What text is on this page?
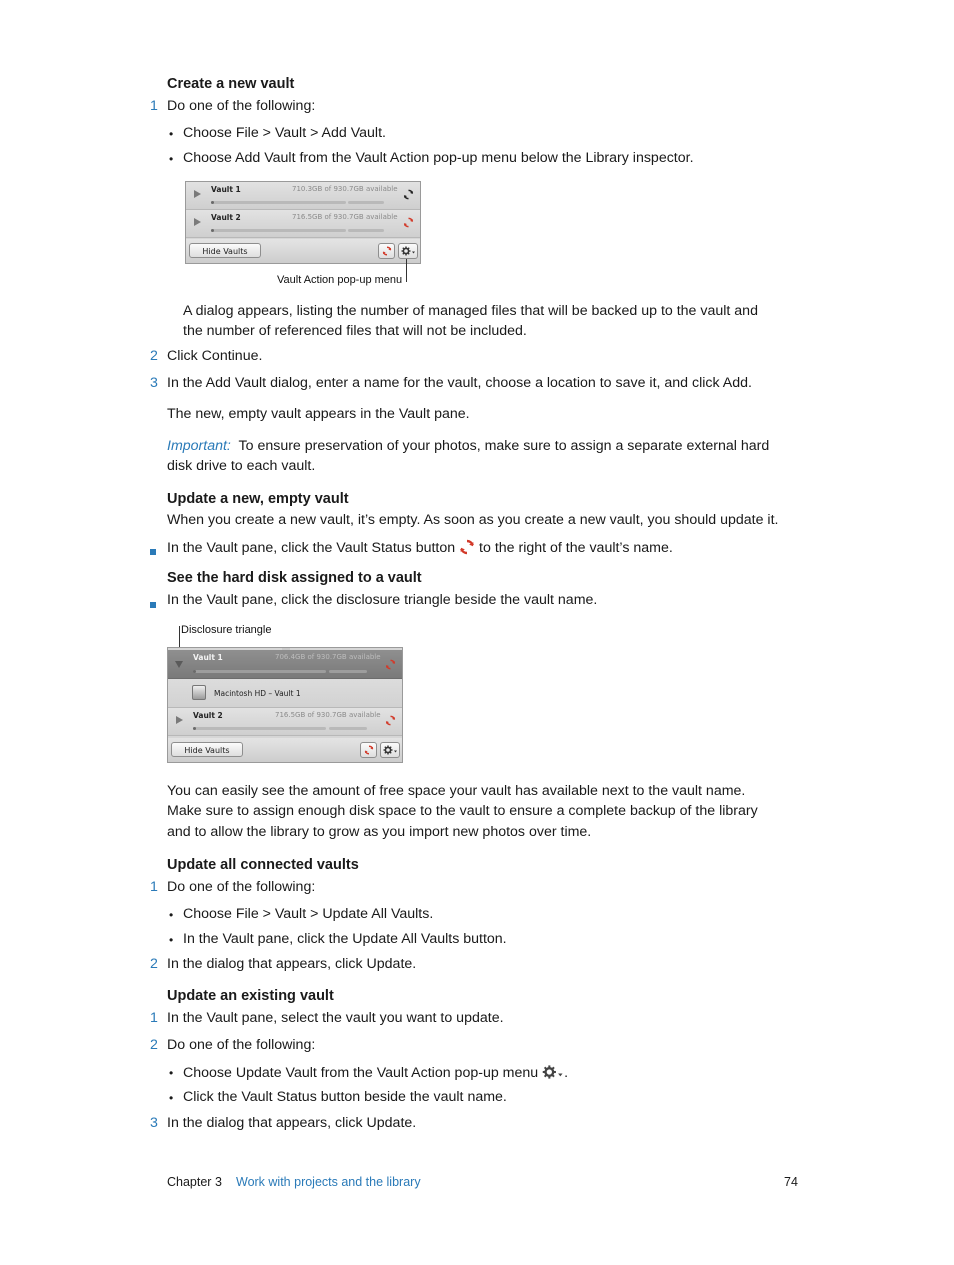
Create a new vault
1 Do one of the following:
• Choose File > Vault > Add Vault.
• Choose Add Vault from the Vault Action pop-up menu below the Library inspector.
Vault 1	710.3GB of 930.7GB available
Vault 2	716.5GB of 930.7GB available
Hide Vaults
Vault Action pop-up menu
A dialog appears, listing the number of managed files that will be backed up to the vault and
the number of referenced files that will not be included.
2 Click Continue.
3 In the Add Vault dialog, enter a name for the vault, choose a location to save it, and click Add.
The new, empty vault appears in the Vault pane.
Important: To ensure preservation of your photos, make sure to assign a separate external hard
disk drive to each vault.
Update a new, empty vault
When you create a new vault, it’s empty. As soon as you create a new vault, you should update it.
In the Vault pane, click the Vault Status button to the right of the vault’s name.
See the hard disk assigned to a vault
In the Vault pane, click the disclosure triangle beside the vault name.
Disclosure triangle
Vault 1	706.4GB of 930.7GB available
Macintosh HD – Vault 1
Vault 2	716.5GB of 930.7GB available
Hide Vaults
You can easily see the amount of free space your vault has available next to the vault name.
Make sure to assign enough disk space to the vault to ensure a complete backup of the library
and to allow the library to grow as you import new photos over time.
Update all connected vaults
1 Do one of the following:
• Choose File > Vault > Update All Vaults.
• In the Vault pane, click the Update All Vaults button.
2 In the dialog that appears, click Update.
Update an existing vault
1 In the Vault pane, select the vault you want to update.
2 Do one of the following:
• Choose Update Vault from the Vault Action pop-up menu .
• Click the Vault Status button beside the vault name.
3 In the dialog that appears, click Update.
Chapter 3 Work with projects and the library	74
